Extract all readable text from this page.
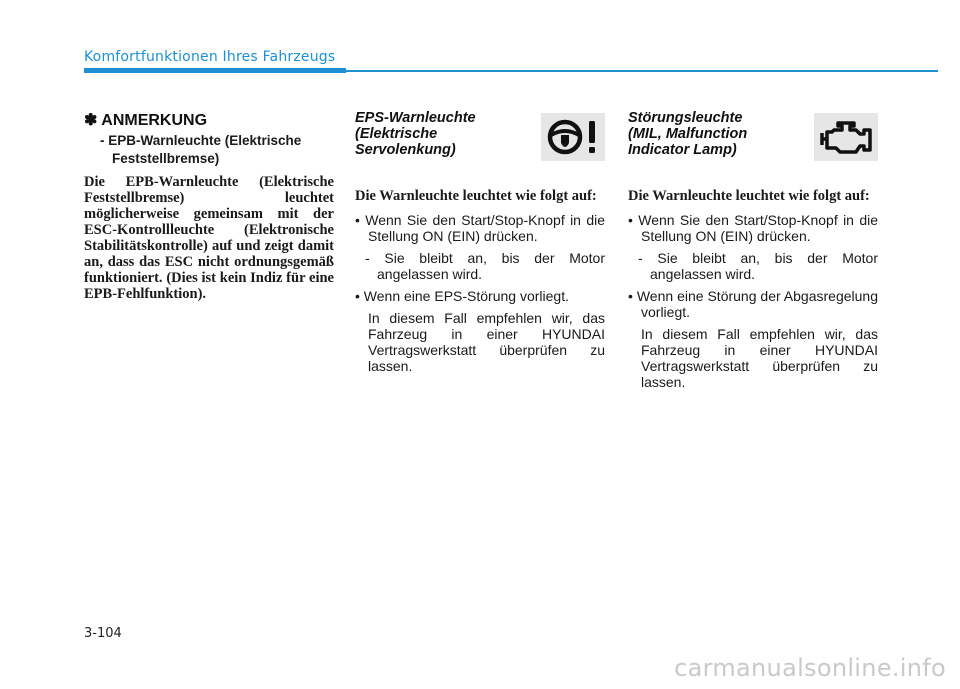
Komfortfunktionen Ihres Fahrzeugs

✽ ANMERKUNG

- EPB-Warnleuchte (Elektrische Feststellbremse)

Die EPB-Warnleuchte (Elektrische Feststellbremse) leuchtet möglicherweise gemeinsam mit der ESC-Kontrollleuchte (Elektronische Stabilitätskontrolle) auf und zeigt damit an, dass das ESC nicht ordnungsgemäß funktioniert. (Dies ist kein Indiz für eine EPB-Fehlfunktion).

EPS-Warnleuchte
(Elektrische
Servolenkung)

Die Warnleuchte leuchtet wie folgt auf:

• Wenn Sie den Start/Stop-Knopf in die Stellung ON (EIN) drücken.

- Sie bleibt an, bis der Motor angelassen wird.

• Wenn eine EPS-Störung vorliegt.

In diesem Fall empfehlen wir, das Fahrzeug in einer HYUNDAI Vertragswerkstatt überprüfen zu lassen.

Störungsleuchte
(MIL, Malfunction
Indicator Lamp)

Die Warnleuchte leuchtet wie folgt auf:

• Wenn Sie den Start/Stop-Knopf in die Stellung ON (EIN) drücken.

- Sie bleibt an, bis der Motor angelassen wird.

• Wenn eine Störung der Abgasregelung vorliegt.

In diesem Fall empfehlen wir, das Fahrzeug in einer HYUNDAI Vertragswerkstatt überprüfen zu lassen.

3-104
carmanualsonline.info
